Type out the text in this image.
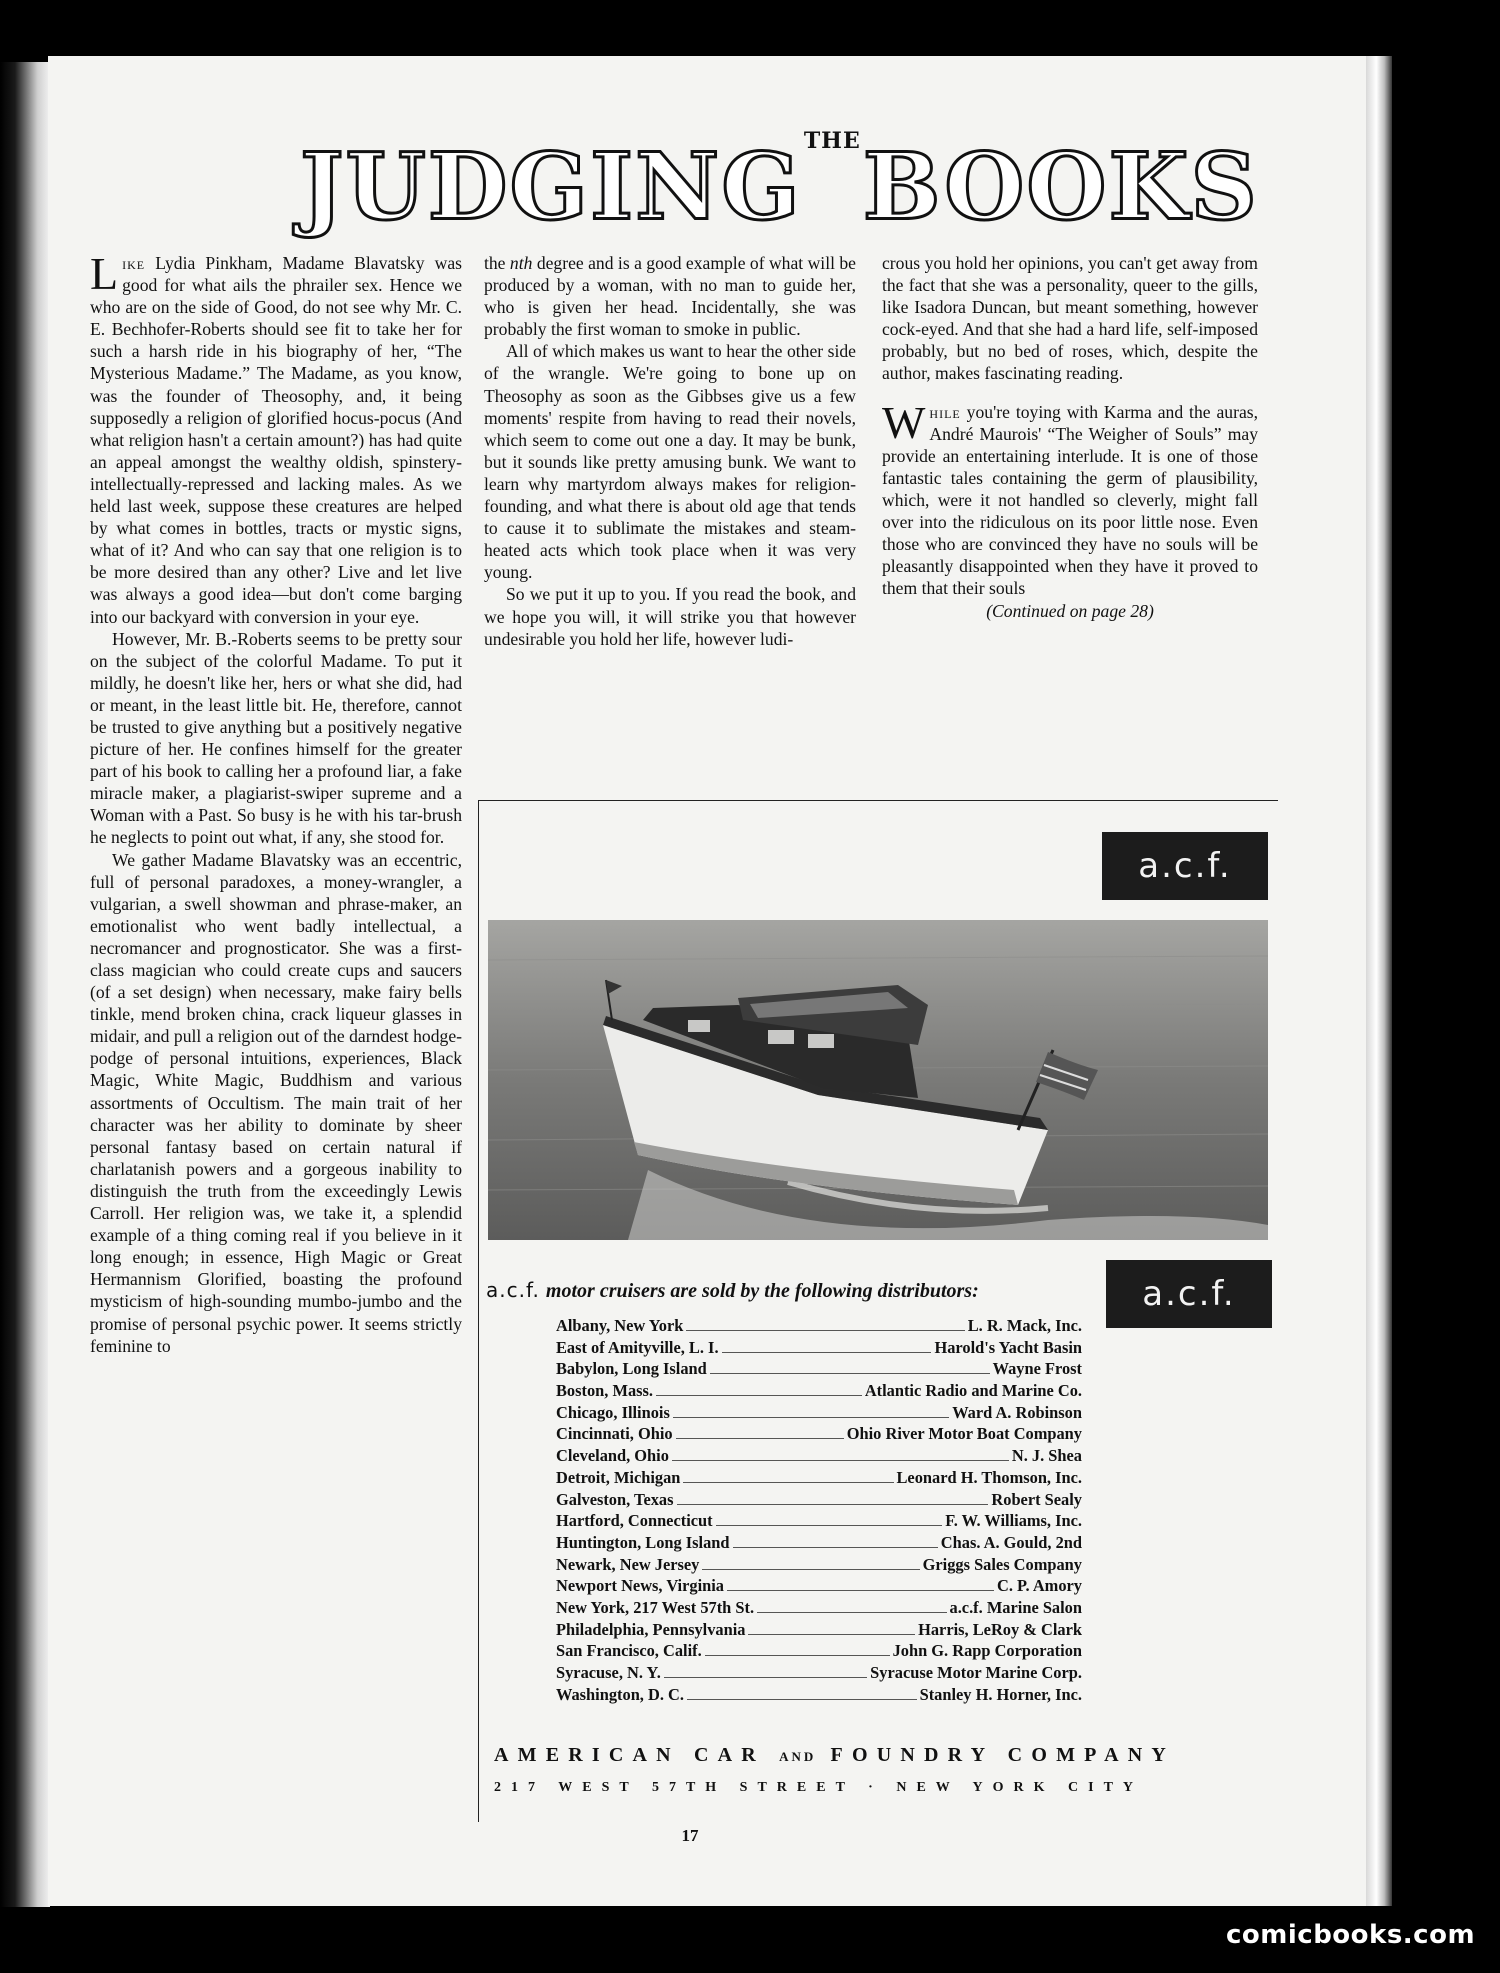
JUDGINGTHEBOOKS

Like Lydia Pinkham, Madame Blavatsky was good for what ails the phrailer sex. Hence we who are on the side of Good, do not see why Mr. C. E. Bechhofer-Roberts should see fit to take her for such a harsh ride in his biography of her, “The Mysterious Madame.” The Madame, as you know, was the founder of Theosophy, and, it being supposedly a religion of glorified hocus-pocus (And what religion hasn't a certain amount?) has had quite an appeal amongst the wealthy oldish, spinstery-intellectually-repressed and lacking males. As we held last week, suppose these creatures are helped by what comes in bottles, tracts or mystic signs, what of it? And who can say that one religion is to be more desired than any other? Live and let live was always a good idea—but don't come barging into our backyard with conversion in your eye.

However, Mr. B.-Roberts seems to be pretty sour on the subject of the colorful Madame. To put it mildly, he doesn't like her, hers or what she did, had or meant, in the least little bit. He, therefore, cannot be trusted to give anything but a positively negative picture of her. He confines himself for the greater part of his book to calling her a profound liar, a fake miracle maker, a plagiarist-swiper supreme and a Woman with a Past. So busy is he with his tar-brush he neglects to point out what, if any, she stood for.

We gather Madame Blavatsky was an eccentric, full of personal paradoxes, a money-wrangler, a vulgarian, a swell showman and phrase-maker, an emotionalist who went badly intellectual, a necromancer and prognosticator. She was a first-class magician who could create cups and saucers (of a set design) when necessary, make fairy bells tinkle, mend broken china, crack liqueur glasses in midair, and pull a religion out of the darndest hodge-podge of personal intuitions, experiences, Black Magic, White Magic, Buddhism and various assortments of Occultism. The main trait of her character was her ability to dominate by sheer personal fantasy based on certain natural if charlatanish powers and a gorgeous inability to distinguish the truth from the exceedingly Lewis Carroll. Her religion was, we take it, a splendid example of a thing coming real if you believe in it long enough; in essence, High Magic or Great Hermannism Glorified, boasting the profound mysticism of high-sounding mumbo-jumbo and the promise of personal psychic power. It seems strictly feminine to

the nth degree and is a good example of what will be produced by a woman, with no man to guide her, who is given her head. Incidentally, she was probably the first woman to smoke in public.

All of which makes us want to hear the other side of the wrangle. We're going to bone up on Theosophy as soon as the Gibbses give us a few moments' respite from having to read their novels, which seem to come out one a day. It may be bunk, but it sounds like pretty amusing bunk. We want to learn why martyrdom always makes for religion-founding, and what there is about old age that tends to cause it to sublimate the mistakes and steam-heated acts which took place when it was very young.

So we put it up to you. If you read the book, and we hope you will, it will strike you that however undesirable you hold her life, however ludi-

crous you hold her opinions, you can't get away from the fact that she was a personality, queer to the gills, like Isadora Duncan, but meant something, however cock-eyed. And that she had a hard life, self-imposed probably, but no bed of roses, which, despite the author, makes fascinating reading.

While you're toying with Karma and the auras, André Maurois' “The Weigher of Souls” may provide an entertaining interlude. It is one of those fantastic tales containing the germ of plausibility, which, were it not handled so cleverly, might fall over into the ridiculous on its poor little nose. Even those who are convinced they have no souls will be pleasantly disappointed when they have it proved to them that their souls

(Continued on page 28)

a.c.f.
a.c.f. motor cruisers are sold by the following distributors:	a.c.f.
Albany, New York	L. R. Mack, Inc.
East of Amityville, L. I.	Harold's Yacht Basin
Babylon, Long Island	Wayne Frost
Boston, Mass.	Atlantic Radio and Marine Co.
Chicago, Illinois	Ward A. Robinson
Cincinnati, Ohio	Ohio River Motor Boat Company
Cleveland, Ohio	N. J. Shea
Detroit, Michigan	Leonard H. Thomson, Inc.
Galveston, Texas	Robert Sealy
Hartford, Connecticut	F. W. Williams, Inc.
Huntington, Long Island	Chas. A. Gould, 2nd
Newark, New Jersey	Griggs Sales Company
Newport News, Virginia	C. P. Amory
New York, 217 West 57th St.	a.c.f. Marine Salon
Philadelphia, Pennsylvania	Harris, LeRoy & Clark
San Francisco, Calif.	John G. Rapp Corporation
Syracuse, N. Y.	Syracuse Motor Marine Corp.
Washington, D. C.	Stanley H. Horner, Inc.
AMERICAN CAR AND FOUNDRY COMPANY
217 WEST 57TH STREET · NEW YORK CITY
17
comicbooks.com
